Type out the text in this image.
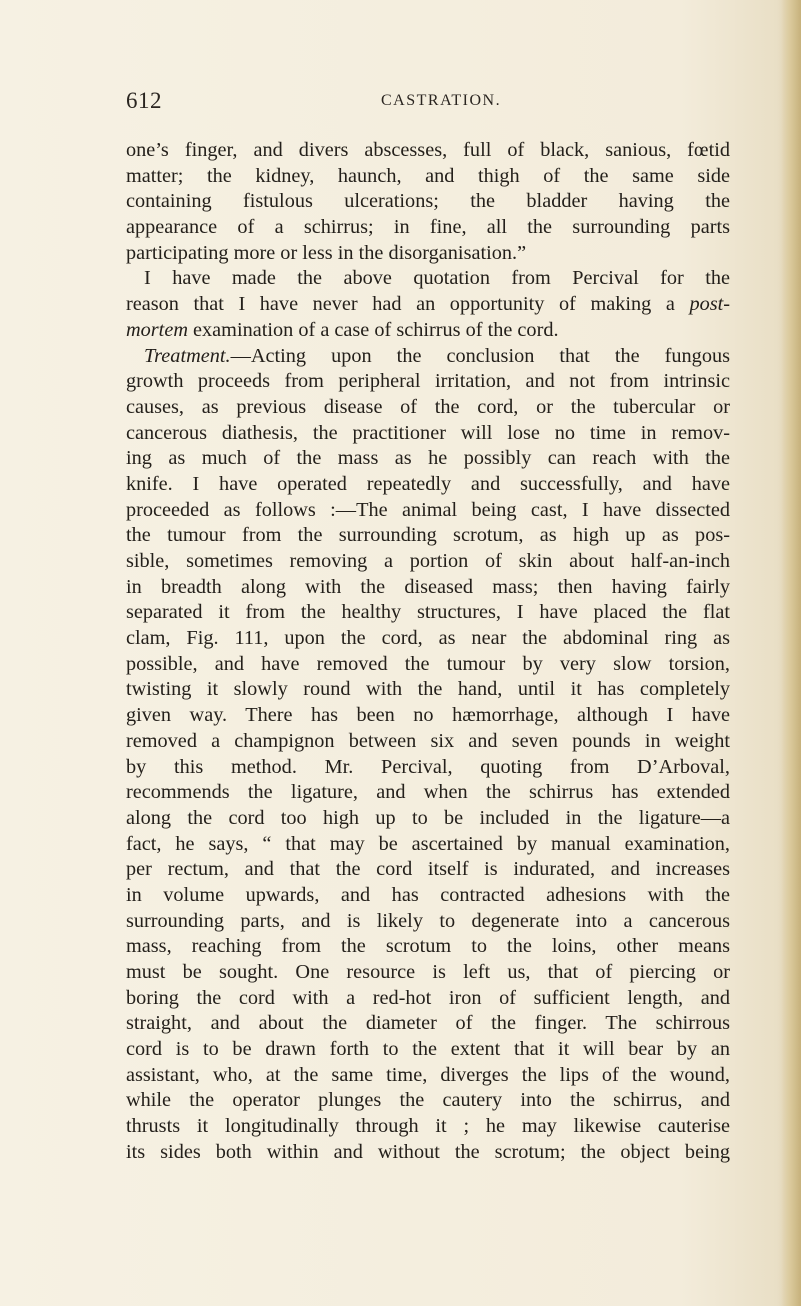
612	CASTRATION.
one’s finger, and divers abscesses, full of black, sanious, fœtid
matter; the kidney, haunch, and thigh of the same side
containing fistulous ulcerations; the bladder having the
appearance of a schirrus; in fine, all the surrounding parts
participating more or less in the disorganisation.”
I have made the above quotation from Percival for the
reason that I have never had an opportunity of making a post-
mortem examination of a case of schirrus of the cord.
Treatment.—Acting upon the conclusion that the fungous
growth proceeds from peripheral irritation, and not from intrinsic
causes, as previous disease of the cord, or the tubercular or
cancerous diathesis, the practitioner will lose no time in remov-
ing as much of the mass as he possibly can reach with the
knife. I have operated repeatedly and successfully, and have
proceeded as follows :—The animal being cast, I have dissected
the tumour from the surrounding scrotum, as high up as pos-
sible, sometimes removing a portion of skin about half-an-inch
in breadth along with the diseased mass; then having fairly
separated it from the healthy structures, I have placed the flat
clam, Fig. 111, upon the cord, as near the abdominal ring as
possible, and have removed the tumour by very slow torsion,
twisting it slowly round with the hand, until it has completely
given way. There has been no hæmorrhage, although I have
removed a champignon between six and seven pounds in weight
by this method. Mr. Percival, quoting from D’Arboval,
recommends the ligature, and when the schirrus has extended
along the cord too high up to be included in the ligature—a
fact, he says, “ that may be ascertained by manual examination,
per rectum, and that the cord itself is indurated, and increases
in volume upwards, and has contracted adhesions with the
surrounding parts, and is likely to degenerate into a cancerous
mass, reaching from the scrotum to the loins, other means
must be sought. One resource is left us, that of piercing or
boring the cord with a red-hot iron of sufficient length, and
straight, and about the diameter of the finger. The schirrous
cord is to be drawn forth to the extent that it will bear by an
assistant, who, at the same time, diverges the lips of the wound,
while the operator plunges the cautery into the schirrus, and
thrusts it longitudinally through it ; he may likewise cauterise
its sides both within and without the scrotum; the object being
